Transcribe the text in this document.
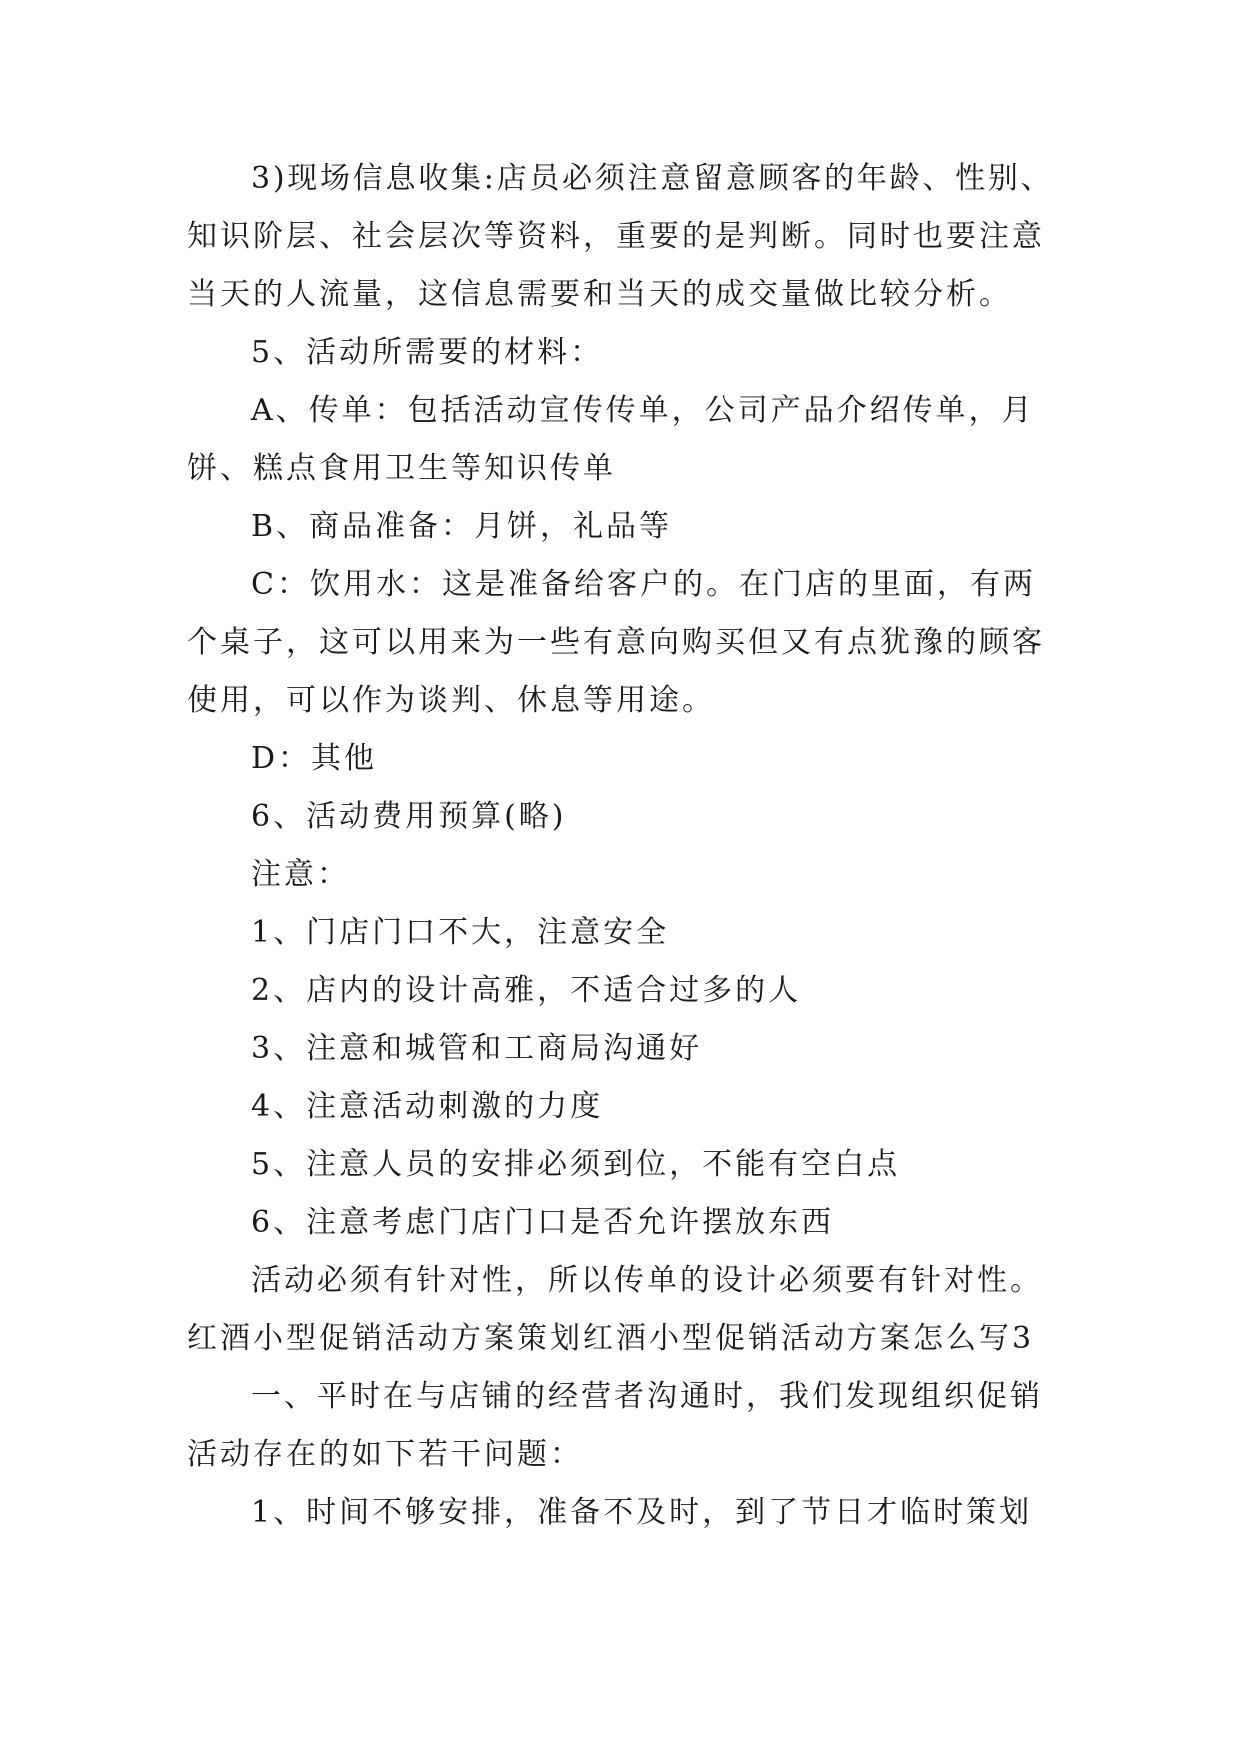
3)现场信息收集:店员必须注意留意顾客的年龄、性别、
知识阶层、社会层次等资料，重要的是判断。同时也要注意
当天的人流量，这信息需要和当天的成交量做比较分析。
5、活动所需要的材料：
A、传单：包括活动宣传传单，公司产品介绍传单，月
饼、糕点食用卫生等知识传单
B、商品准备：月饼，礼品等
C：饮用水：这是准备给客户的。在门店的里面，有两
个桌子，这可以用来为一些有意向购买但又有点犹豫的顾客
使用，可以作为谈判、休息等用途。
D：其他
6、活动费用预算(略)
注意：
1、门店门口不大，注意安全
2、店内的设计高雅，不适合过多的人
3、注意和城管和工商局沟通好
4、注意活动刺激的力度
5、注意人员的安排必须到位，不能有空白点
6、注意考虑门店门口是否允许摆放东西
活动必须有针对性，所以传单的设计必须要有针对性。
红酒小型促销活动方案策划红酒小型促销活动方案怎么写3
一、平时在与店铺的经营者沟通时，我们发现组织促销
活动存在的如下若干问题：
1、时间不够安排，准备不及时，到了节日才临时策划
